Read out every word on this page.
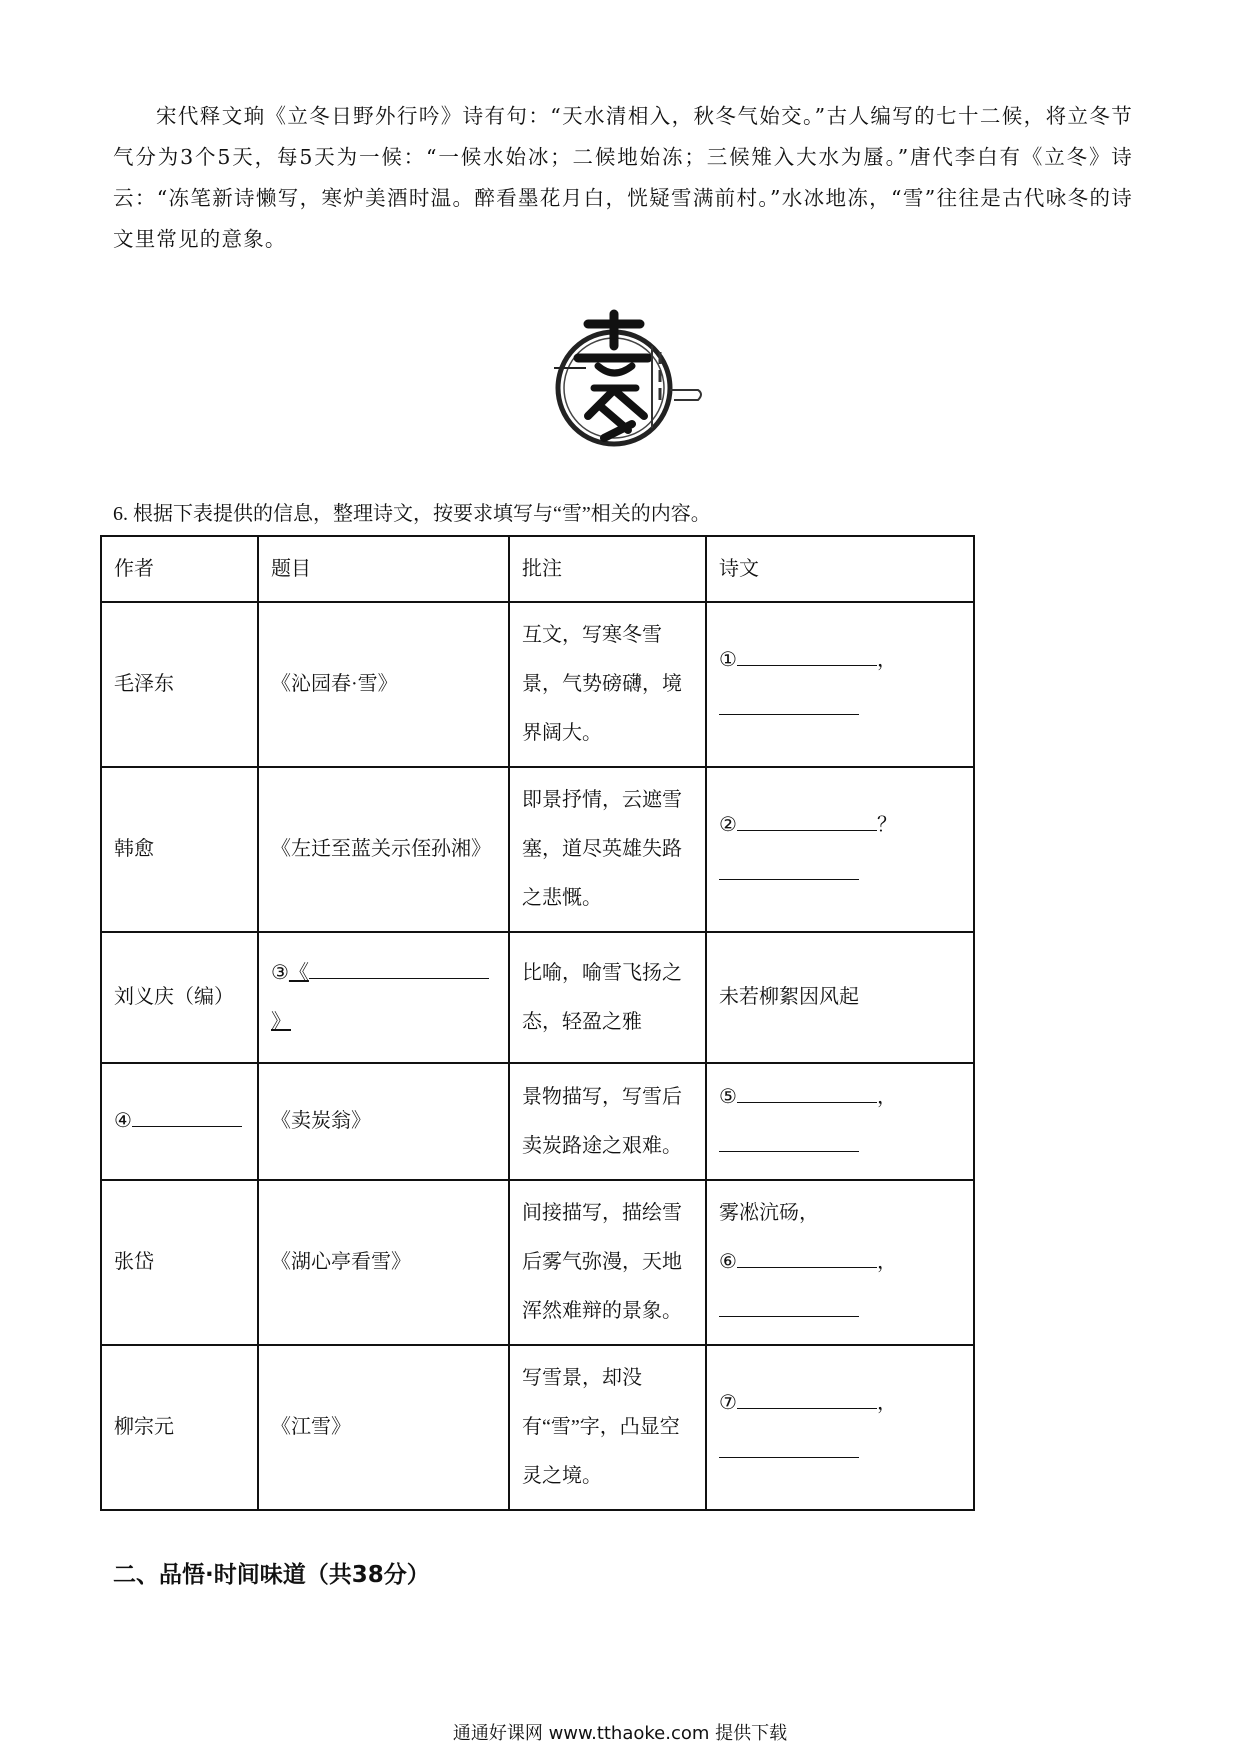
宋代释文珦《立冬日野外行吟》诗有句：“天水清相入，秋冬气始交。”古人编写的七十二候，将立冬节气分为3个5天，每5天为一候：“一候水始冰；二候地始冻；三候雉入大水为蜃。”唐代李白有《立冬》诗云：“冻笔新诗懒写，寒炉美酒时温。醉看墨花月白，恍疑雪满前村。”水冰地冻，“雪”往往是古代咏冬的诗文里常见的意象。

6. 根据下表提供的信息，整理诗文，按要求填写与“雪”相关的内容。

作者	题目	批注	诗文
毛泽东	《沁园春·雪》	互文，写寒冬雪景，气势磅礴，境界阔大。	① ，

韩愈	《左迁至蓝关示侄孙湘》	即景抒情，云遮雪塞，道尽英雄失路之悲慨。	② ？

刘义庆（编）	③《》	比喻，喻雪飞扬之态，轻盈之雅	未若柳絮因风起
④	《卖炭翁》	景物描写，写雪后卖炭路途之艰难。	⑤ ，

张岱	《湖心亭看雪》	间接描写，描绘雪后雾气弥漫，天地浑然难辩的景象。	雾凇沆砀，
⑥ ，

柳宗元	《江雪》	写雪景，却没有“雪”字，凸显空灵之境。	⑦ ，

二、品悟·时间味道（共38分）
通通好课网 www.tthaoke.com 提供下载
